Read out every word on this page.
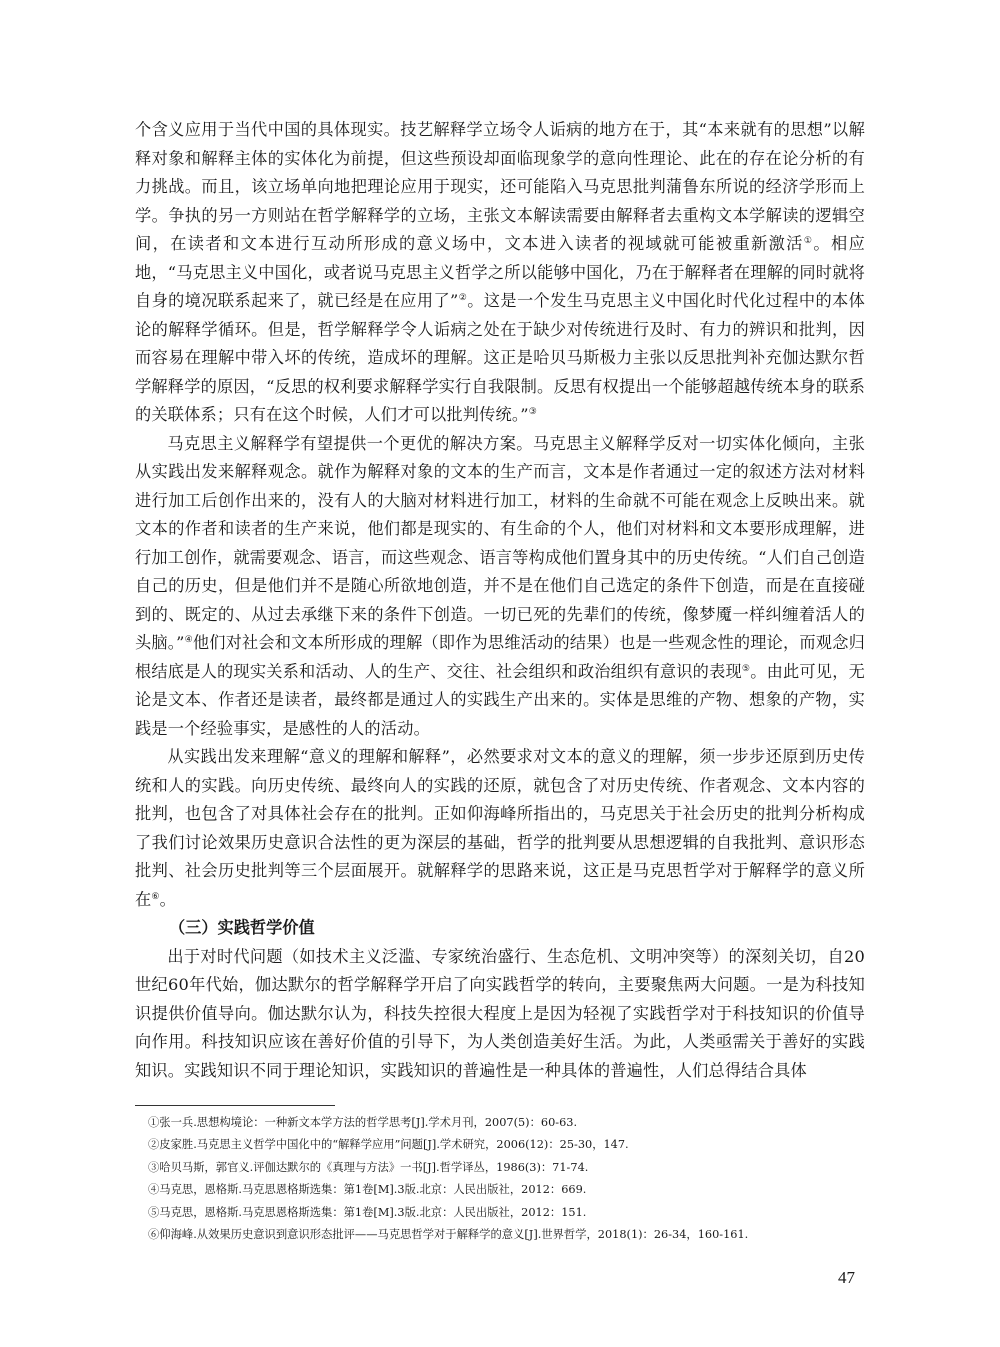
个含义应用于当代中国的具体现实。技艺解释学立场令人诟病的地方在于，其“本来就有的思想”以解释对象和解释主体的实体化为前提，但这些预设却面临现象学的意向性理论、此在的存在论分析的有力挑战。而且，该立场单向地把理论应用于现实，还可能陷入马克思批判蒲鲁东所说的经济学形而上学。争执的另一方则站在哲学解释学的立场，主张文本解读需要由解释者去重构文本学解读的逻辑空间，在读者和文本进行互动所形成的意义场中，文本进入读者的视域就可能被重新激活①。相应地，“马克思主义中国化，或者说马克思主义哲学之所以能够中国化，乃在于解释者在理解的同时就将自身的境况联系起来了，就已经是在应用了”②。这是一个发生马克思主义中国化时代化过程中的本体论的解释学循环。但是，哲学解释学令人诟病之处在于缺少对传统进行及时、有力的辨识和批判，因而容易在理解中带入坏的传统，造成坏的理解。这正是哈贝马斯极力主张以反思批判补充伽达默尔哲学解释学的原因，“反思的权利要求解释学实行自我限制。反思有权提出一个能够超越传统本身的联系的关联体系；只有在这个时候，人们才可以批判传统。”③

马克思主义解释学有望提供一个更优的解决方案。马克思主义解释学反对一切实体化倾向，主张从实践出发来解释观念。就作为解释对象的文本的生产而言，文本是作者通过一定的叙述方法对材料进行加工后创作出来的，没有人的大脑对材料进行加工，材料的生命就不可能在观念上反映出来。就文本的作者和读者的生产来说，他们都是现实的、有生命的个人，他们对材料和文本要形成理解，进行加工创作，就需要观念、语言，而这些观念、语言等构成他们置身其中的历史传统。“人们自己创造自己的历史，但是他们并不是随心所欲地创造，并不是在他们自己选定的条件下创造，而是在直接碰到的、既定的、从过去承继下来的条件下创造。一切已死的先辈们的传统，像梦魇一样纠缠着活人的头脑。”④他们对社会和文本所形成的理解（即作为思维活动的结果）也是一些观念性的理论，而观念归根结底是人的现实关系和活动、人的生产、交往、社会组织和政治组织有意识的表现⑤。由此可见，无论是文本、作者还是读者，最终都是通过人的实践生产出来的。实体是思维的产物、想象的产物，实践是一个经验事实，是感性的人的活动。

从实践出发来理解“意义的理解和解释”，必然要求对文本的意义的理解，须一步步还原到历史传统和人的实践。向历史传统、最终向人的实践的还原，就包含了对历史传统、作者观念、文本内容的批判，也包含了对具体社会存在的批判。正如仰海峰所指出的，马克思关于社会历史的批判分析构成了我们讨论效果历史意识合法性的更为深层的基础，哲学的批判要从思想逻辑的自我批判、意识形态批判、社会历史批判等三个层面展开。就解释学的思路来说，这正是马克思哲学对于解释学的意义所在⑥。

（三）实践哲学价值

出于对时代问题（如技术主义泛滥、专家统治盛行、生态危机、文明冲突等）的深刻关切，自20世纪60年代始，伽达默尔的哲学解释学开启了向实践哲学的转向，主要聚焦两大问题。一是为科技知识提供价值导向。伽达默尔认为，科技失控很大程度上是因为轻视了实践哲学对于科技知识的价值导向作用。科技知识应该在善好价值的引导下，为人类创造美好生活。为此，人类亟需关于善好的实践知识。实践知识不同于理论知识，实践知识的普遍性是一种具体的普遍性，人们总得结合具体

①张一兵.思想构境论：一种新文本学方法的哲学思考[J].学术月刊，2007(5)：60-63.
②皮家胜.马克思主义哲学中国化中的“解释学应用”问题[J].学术研究，2006(12)：25-30，147.
③哈贝马斯，郭官义.评伽达默尔的《真理与方法》一书[J].哲学译丛，1986(3)：71-74.
④马克思，恩格斯.马克思恩格斯选集：第1卷[M].3版.北京：人民出版社，2012：669.
⑤马克思，恩格斯.马克思恩格斯选集：第1卷[M].3版.北京：人民出版社，2012：151.
⑥仰海峰.从效果历史意识到意识形态批评——马克思哲学对于解释学的意义[J].世界哲学，2018(1)：26-34，160-161.
47
